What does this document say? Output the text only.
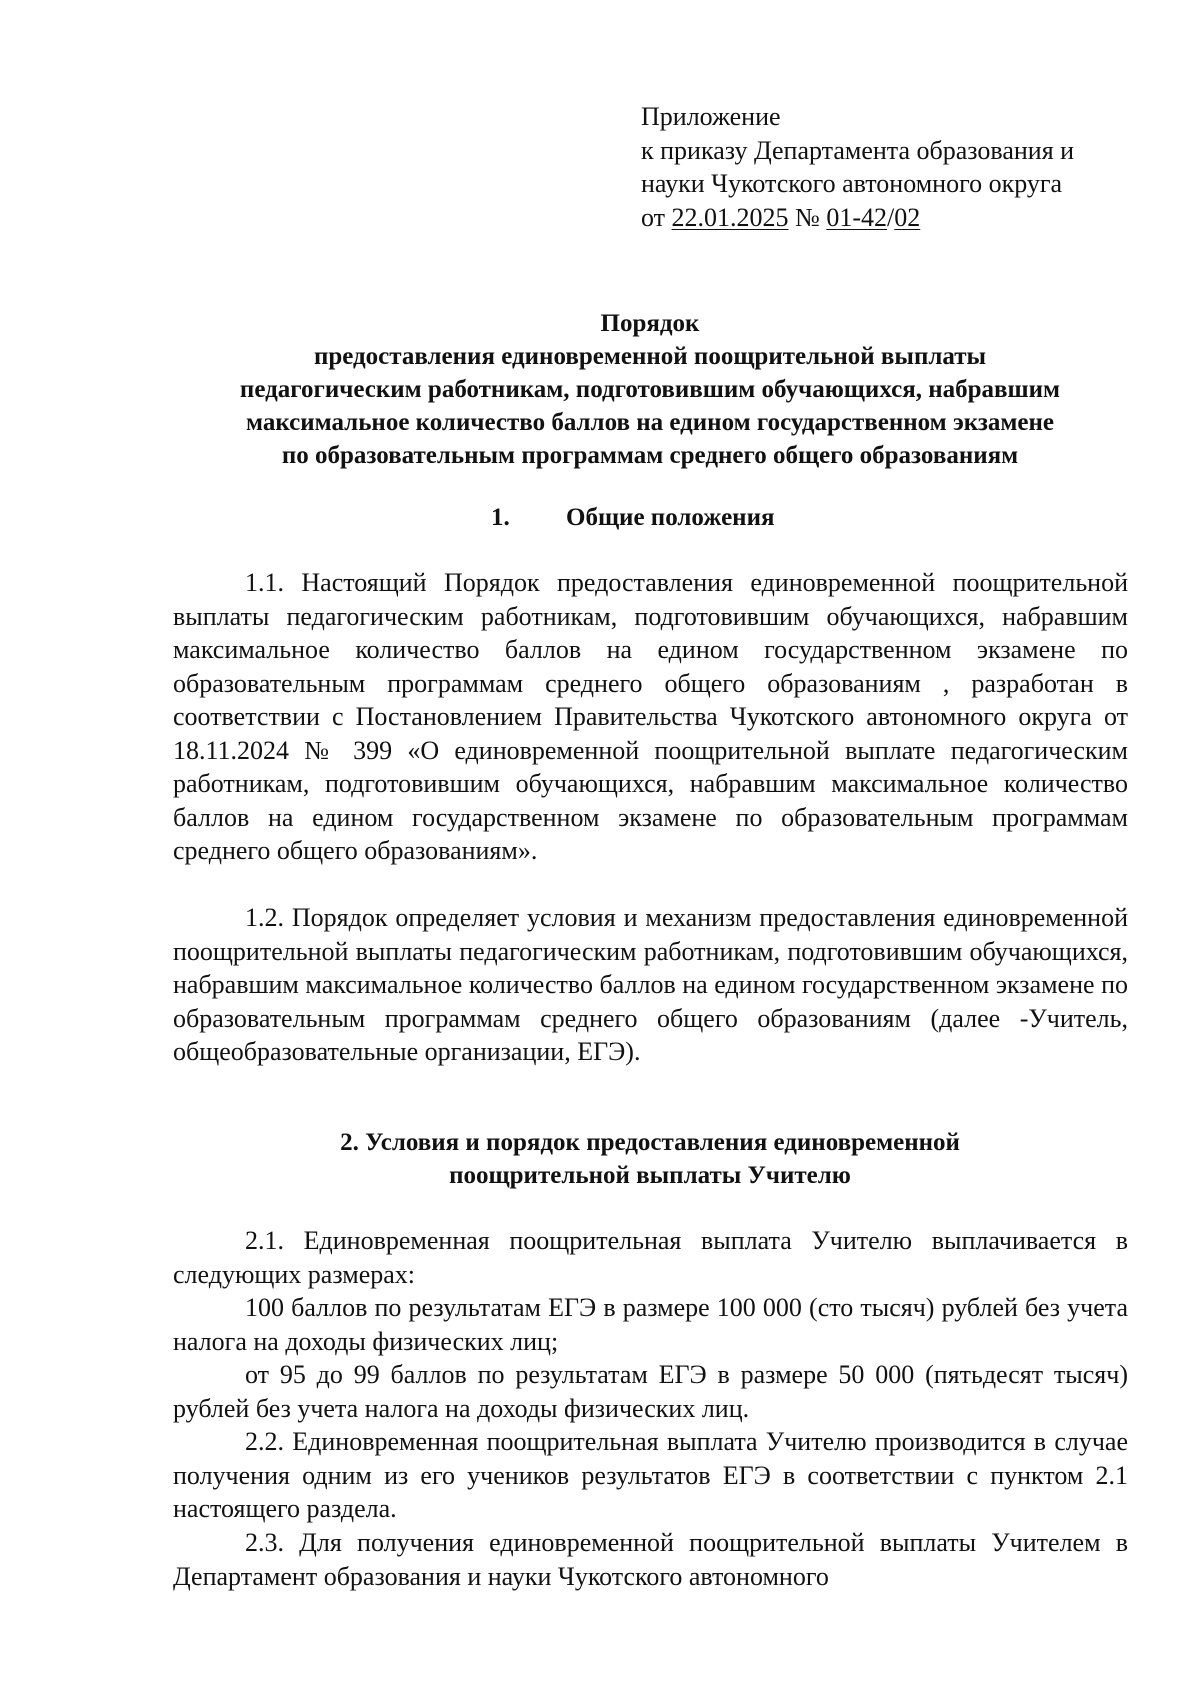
Приложение
к приказу Департамента образования и
науки Чукотского автономного округа
от 22.01.2025 № 01-42/02
Порядок
предоставления единовременной поощрительной выплаты
педагогическим работникам, подготовившим обучающихся, набравшим
максимальное количество баллов на едином государственном экзамене
по образовательным программам среднего общего образованиям
1. Общие положения

1.1. Настоящий Порядок предоставления единовременной поощрительной выплаты педагогическим работникам, подготовившим обучающихся, набравшим максимальное количество баллов на едином государственном экзамене по образовательным программам среднего общего образованиям , разработан в соответствии с Постановлением Правительства Чукотского автономного округа от 18.11.2024 № 399 «О единовременной поощрительной выплате педагогическим работникам, подготовившим обучающихся, набравшим максимальное количество баллов на едином государственном экзамене по образовательным программам среднего общего образованиям».

1.2. Порядок определяет условия и механизм предоставления единовременной поощрительной выплаты педагогическим работникам, подготовившим обучающихся, набравшим максимальное количество баллов на едином государственном экзамене по образовательным программам среднего общего образованиям (далее -Учитель, общеобразовательные организации, ЕГЭ).

2. Условия и порядок предоставления единовременной
поощрительной выплаты Учителю

2.1. Единовременная поощрительная выплата Учителю выплачивается в следующих размерах:

100 баллов по результатам ЕГЭ в размере 100 000 (сто тысяч) рублей без учета налога на доходы физических лиц;

от 95 до 99 баллов по результатам ЕГЭ в размере 50 000 (пятьдесят тысяч) рублей без учета налога на доходы физических лиц.

2.2. Единовременная поощрительная выплата Учителю производится в случае получения одним из его учеников результатов ЕГЭ в соответствии с пунктом 2.1 настоящего раздела.

2.3. Для получения единовременной поощрительной выплаты Учителем в Департамент образования и науки Чукотского автономного
